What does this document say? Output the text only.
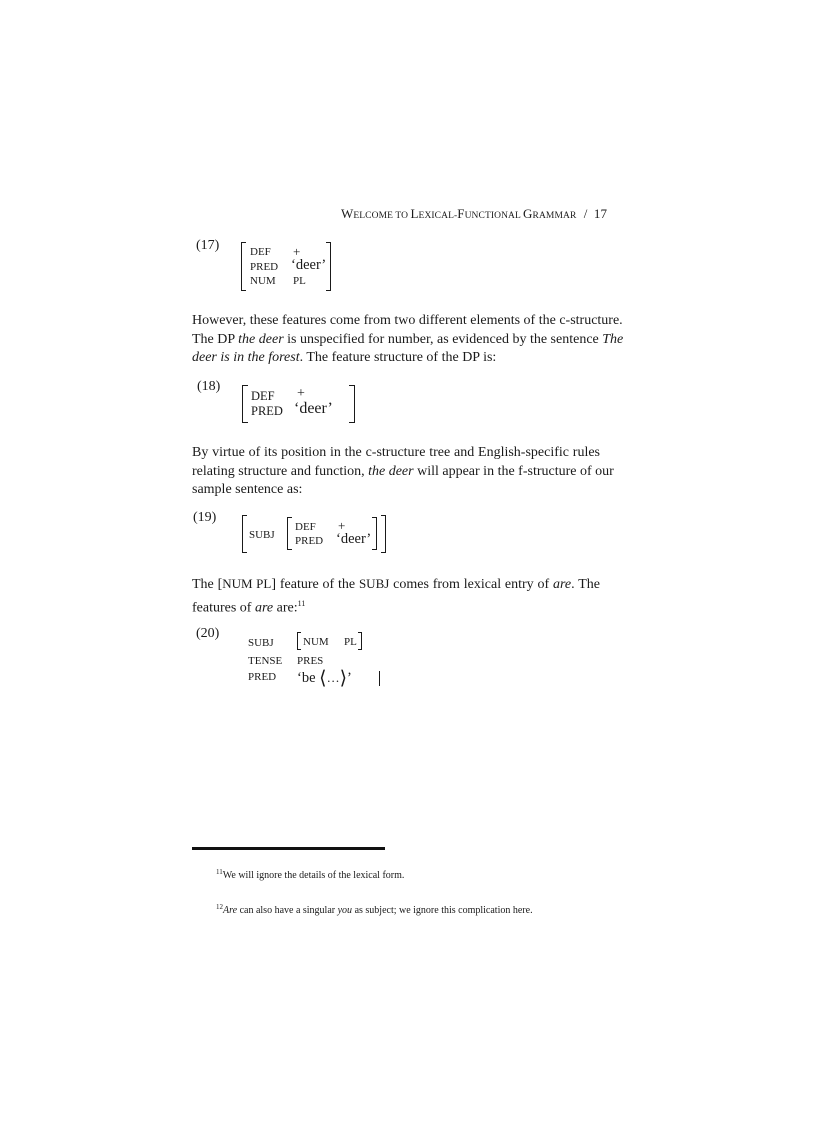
WELCOME TO LEXICAL-FUNCTIONAL GRAMMAR / 17
(17)	DEF +
PRED ‘deer’
NUM PL
However, these features come from two different elements of the c-structure.
The DP the deer is unspecified for number, as evidenced by the sentence The
deer is in the forest. The feature structure of the DP is:
(18)
DEF +
PRED ‘deer’
By virtue of its position in the c-structure tree and English-specific rules
relating structure and function, the deer will appear in the f-structure of our
sample sentence as:
(19)
SUBJ
DEF +
PRED ‘deer’
The [NUM PL] feature of the SUBJ comes from lexical entry of are. The
features of are are:$^{11}$
(20)
SUBJ	NUM PL
TENSE PRES
PRED ‘be ⟨…⟩’
$^{11}$We will ignore the details of the lexical form.
$^{12}$Are can also have a singular you as subject; we ignore this complication here.
